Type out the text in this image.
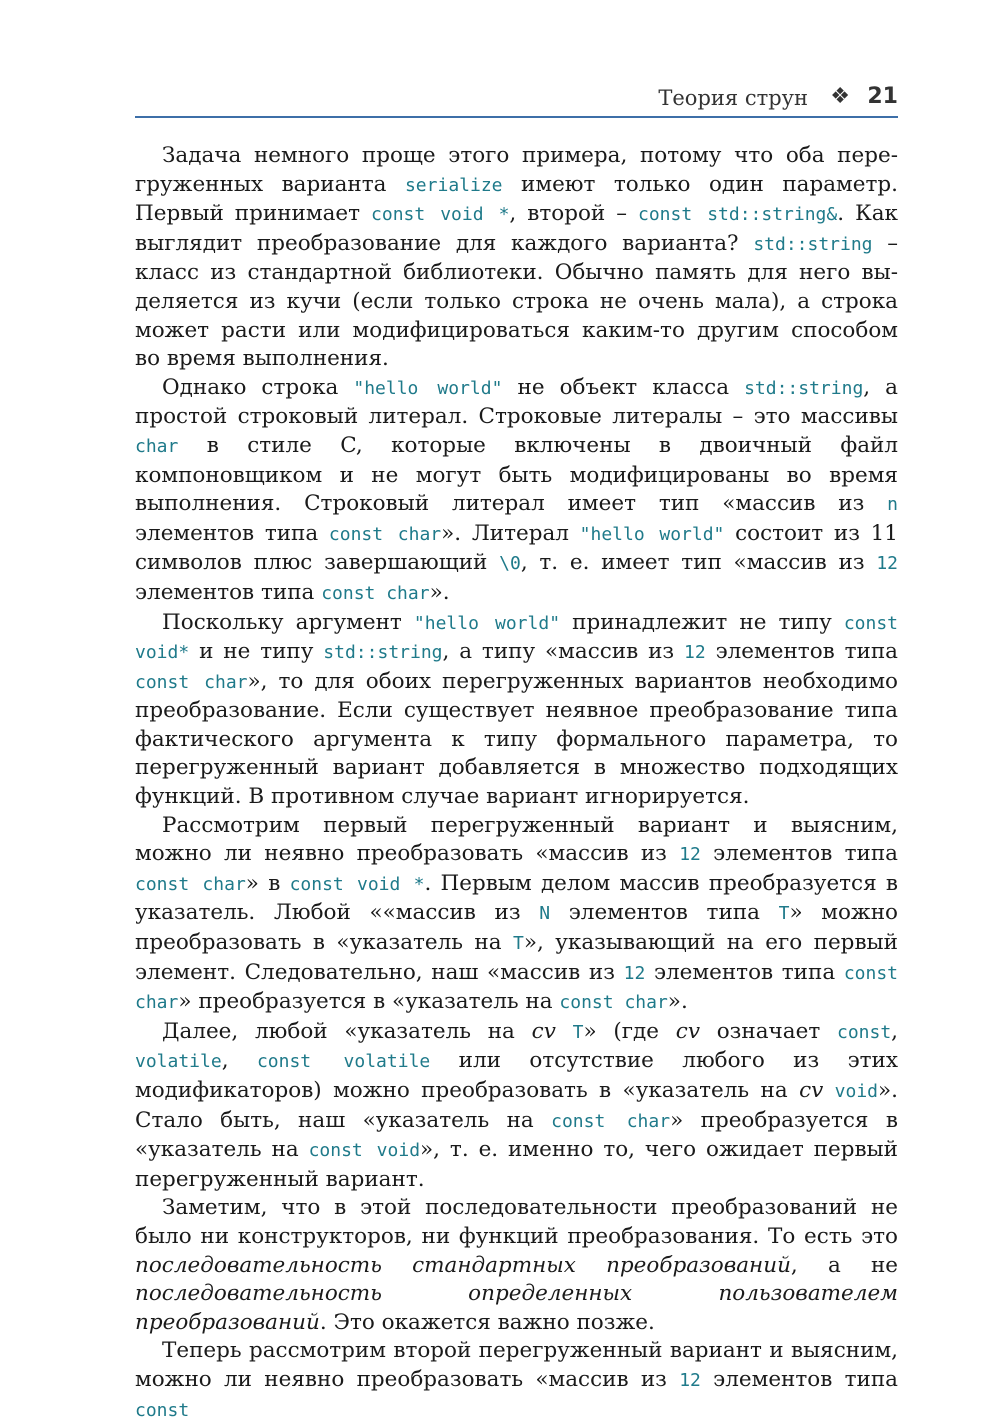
Теория струн ❖ 21

Задача немного проще этого примера, потому что оба перегруженных варианта serialize имеют только один параметр. Первый принимает const void *, второй – const std::string&. Как выглядит преобразование для каждого варианта? std::string – класс из стандартной библиотеки. Обычно память для него выделяется из кучи (если только строка не очень мала), а строка может расти или модифицироваться каким-то другим способом во время выполнения.

Однако строка "hello world" не объект класса std::string, а простой строковый литерал. Строковые литералы – это массивы char в стиле C, которые включены в двоичный файл компоновщиком и не могут быть модифицированы во время выполнения. Строковый литерал имеет тип «массив из n элементов типа const char». Литерал "hello world" состоит из 11 символов плюс завершающий \0, т. е. имеет тип «массив из 12 элементов типа const char».

Поскольку аргумент "hello world" принадлежит не типу const void* и не типу std::string, а типу «массив из 12 элементов типа const char», то для обоих перегруженных вариантов необходимо преобразование. Если существует неявное преобразование типа фактического аргумента к типу формального параметра, то перегруженный вариант добавляется в множество подходящих функций. В противном случае вариант игнорируется.

Рассмотрим первый перегруженный вариант и выясним, можно ли неявно преобразовать «массив из 12 элементов типа const char» в const void *. Первым делом массив преобразуется в указатель. Любой ««массив из N элементов типа T» можно преобразовать в «указатель на T», указывающий на его первый элемент. Следовательно, наш «массив из 12 элементов типа const char» преобразуется в «указатель на const char».

Далее, любой «указатель на cv T» (где cv означает const, volatile, const volatile или отсутствие любого из этих модификаторов) можно преобразовать в «указатель на cv void». Стало быть, наш «указатель на const char» преобразуется в «указатель на const void», т. е. именно то, чего ожидает первый перегруженный вариант.

Заметим, что в этой последовательности преобразований не было ни конструкторов, ни функций преобразования. То есть это последовательность стандартных преобразований, а не последовательность определенных пользователем преобразований. Это окажется важно позже.

Теперь рассмотрим второй перегруженный вариант и выясним, можно ли неявно преобразовать «массив из 12 элементов типа const
